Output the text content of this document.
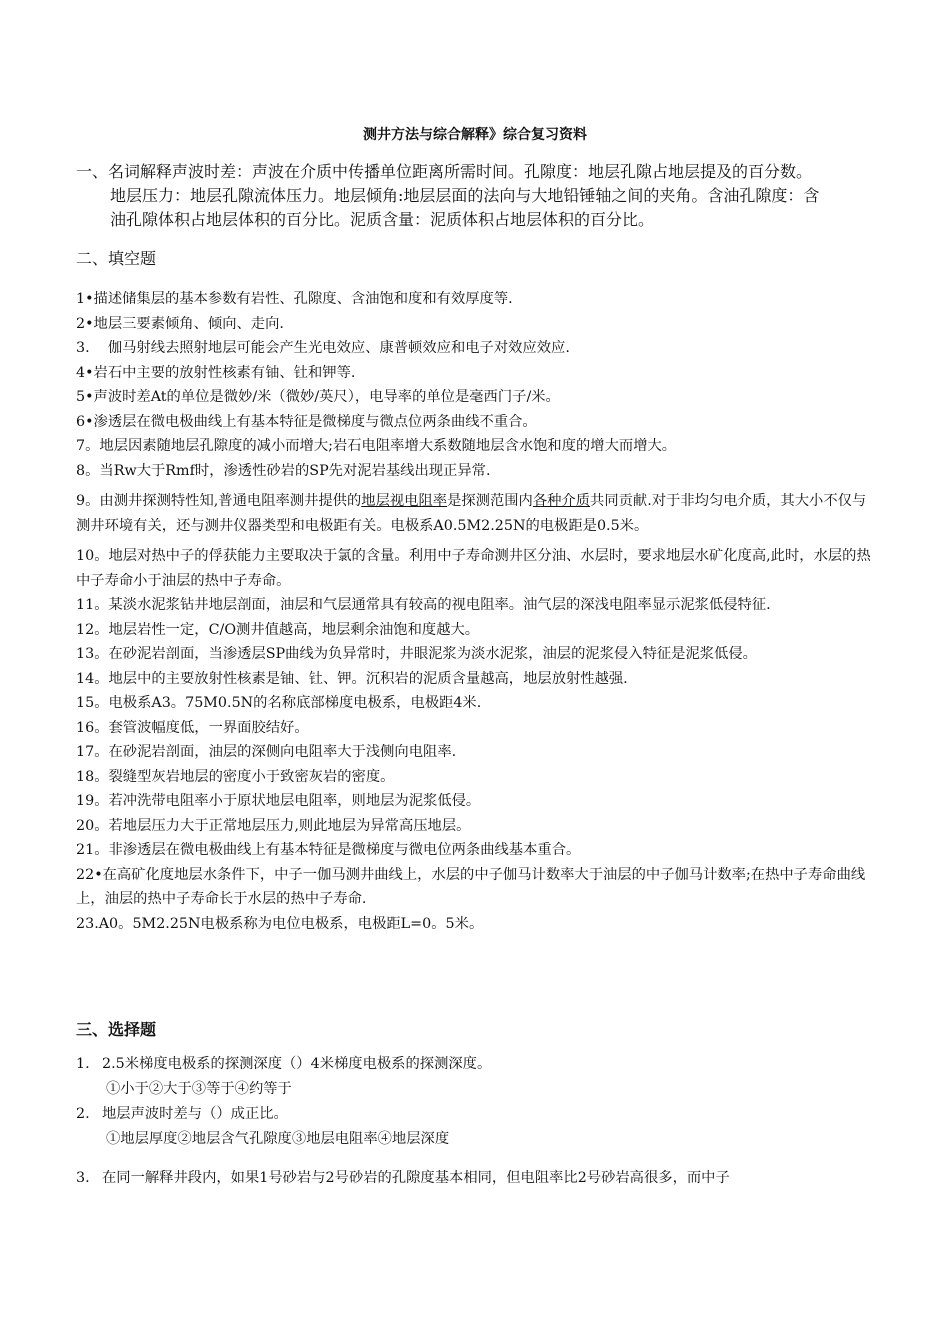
测井方法与综合解释》综合复习资料
一、名词解释声波时差：声波在介质中传播单位距离所需时间。孔隙度：地层孔隙占地层提及的百分数。
地层压力：地层孔隙流体压力。地层倾角:地层层面的法向与大地铅锤轴之间的夹角。含油孔隙度：含
油孔隙体积占地层体积的百分比。泥质含量：泥质体积占地层体积的百分比。
二、填空题
1•描述储集层的基本参数有岩性、孔隙度、含油饱和度和有效厚度等.
2•地层三要素倾角、倾向、走向.
3.    伽马射线去照射地层可能会产生光电效应、康普顿效应和电子对效应效应.
4•岩石中主要的放射性核素有铀、钍和钾等.
5•声波时差At的单位是微妙/米（微妙/英尺），电导率的单位是毫西门子/米。
6•渗透层在微电极曲线上有基本特征是微梯度与微点位两条曲线不重合。
7。地层因素随地层孔隙度的减小而增大;岩石电阻率增大系数随地层含水饱和度的增大而增大。
8。当Rw大于Rmf时，渗透性砂岩的SP先对泥岩基线出现正异常.
9。由测井探测特性知,普通电阻率测井提供的地层视电阻率是探测范围内各种介质共同贡献.对于非均匀电介质，其大小不仅与测井环境有关，还与测井仪器类型和电极距有关。电极系A0.5M2.25N的电极距是0.5米。
10。地层对热中子的俘获能力主要取决于氯的含量。利用中子寿命测井区分油、水层时，要求地层水矿化度高,此时，水层的热中子寿命小于油层的热中子寿命。
11。某淡水泥浆钻井地层剖面，油层和气层通常具有较高的视电阻率。油气层的深浅电阻率显示泥浆低侵特征.
12。地层岩性一定，C/O测井值越高，地层剩余油饱和度越大。
13。在砂泥岩剖面，当渗透层SP曲线为负异常时，井眼泥浆为淡水泥浆，油层的泥浆侵入特征是泥浆低侵。
14。地层中的主要放射性核素是铀、钍、钾。沉积岩的泥质含量越高，地层放射性越强.
15。电极系A3。75M0.5N的名称底部梯度电极系，电极距4米.
16。套管波幅度低，一界面胶结好。
17。在砂泥岩剖面，油层的深侧向电阻率大于浅侧向电阻率.
18。裂缝型灰岩地层的密度小于致密灰岩的密度。
19。若冲洗带电阻率小于原状地层电阻率，则地层为泥浆低侵。
20。若地层压力大于正常地层压力,则此地层为异常高压地层。
21。非渗透层在微电极曲线上有基本特征是微梯度与微电位两条曲线基本重合。
22•在高矿化度地层水条件下，中子一伽马测井曲线上，水层的中子伽马计数率大于油层的中子伽马计数率;在热中子寿命曲线上，油层的热中子寿命长于水层的热中子寿命.
23.A0。5M2.25N电极系称为电位电极系，电极距L=0。5米。
三、选择题
1. 2.5米梯度电极系的探测深度（）4米梯度电极系的探测深度。
①小于②大于③等于④约等于
2. 地层声波时差与（）成正比。
①地层厚度②地层含气孔隙度③地层电阻率④地层深度
3. 在同一解释井段内，如果1号砂岩与2号砂岩的孔隙度基本相同，但电阻率比2号砂岩高很多，而中子
